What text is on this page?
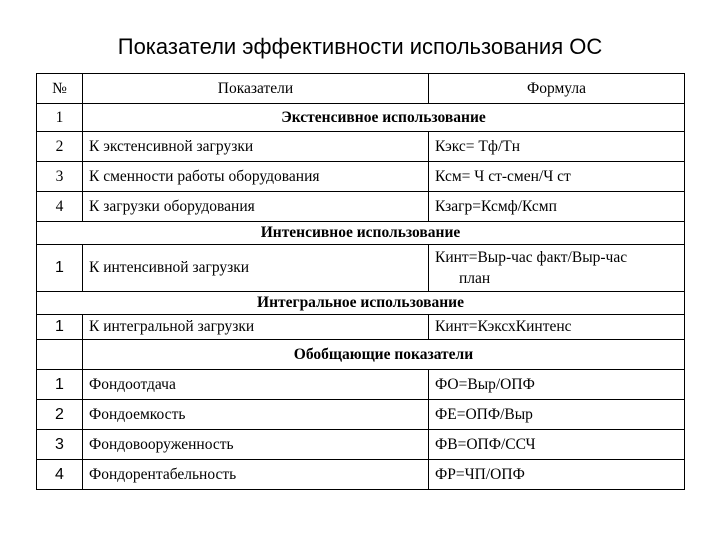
Показатели эффективности использования ОС
№	Показатели	Формула
1	Экстенсивное использование	
2	К экстенсивной загрузки	Кэкс= Тф/Тн
3	К сменности работы оборудования	Ксм= Ч ст-смен/Ч ст
4	К загрузки оборудования	Кзагр=Ксмф/Ксмп
Интенсивное использование		
1	К интенсивной загрузки	Кинт=Выр-час факт/Выр-час
план
Интегральное использование		
1	К интегральной загрузки	Кинт=КэксхКинтенс
	Обобщающие показатели	
1	Фондоотдача	ФО=Выр/ОПФ
2	Фондоемкость	ФЕ=ОПФ/Выр
3	Фондовооруженность	ФВ=ОПФ/ССЧ
4	Фондорентабельность	ФР=ЧП/ОПФ
